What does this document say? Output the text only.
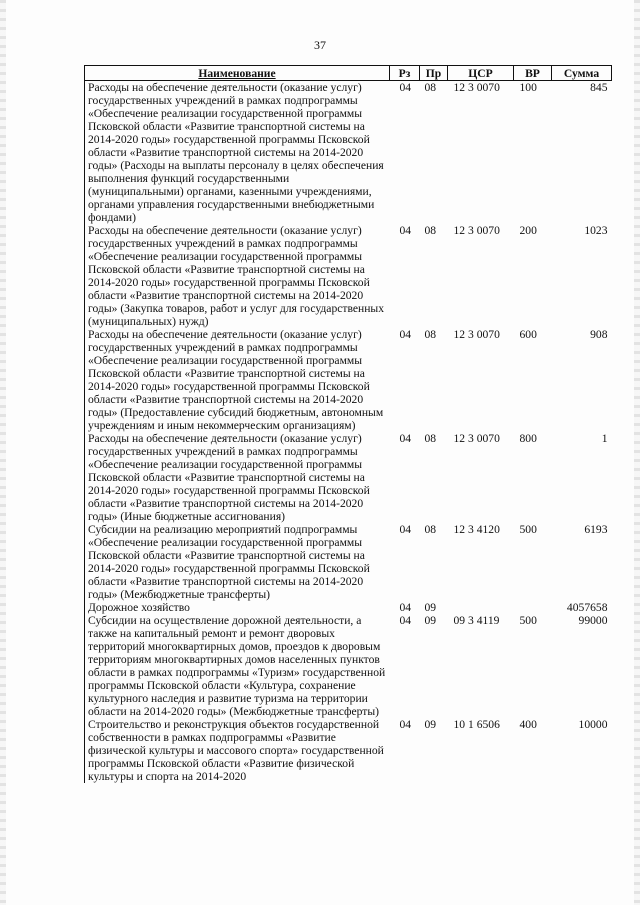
37
Наименование	Рз	Пр	ЦСР	ВР	Сумма
Расходы на обеспечение деятельности (оказание услуг) государственных учреждений в рамках подпрограммы «Обеспечение реализации государственной программы Псковской области «Развитие транспортной системы на 2014-2020 годы» государственной программы Псковской области «Развитие транспортной системы на 2014-2020 годы» (Расходы на выплаты персоналу в целях обеспечения выполнения функций государственными (муниципальными) органами, казенными учреждениями, органами управления государственными внебюджетными фондами)	04	08	12 3 0070	100	845
Расходы на обеспечение деятельности (оказание услуг) государственных учреждений в рамках подпрограммы «Обеспечение реализации государственной программы Псковской области «Развитие транспортной системы на 2014-2020 годы» государственной программы Псковской области «Развитие транспортной системы на 2014-2020 годы» (Закупка товаров, работ и услуг для государственных (муниципальных) нужд)	04	08	12 3 0070	200	1023
Расходы на обеспечение деятельности (оказание услуг) государственных учреждений в рамках подпрограммы «Обеспечение реализации государственной программы Псковской области «Развитие транспортной системы на 2014-2020 годы» государственной программы Псковской области «Развитие транспортной системы на 2014-2020 годы» (Предоставление субсидий бюджетным, автономным учреждениям и иным некоммерческим организациям)	04	08	12 3 0070	600	908
Расходы на обеспечение деятельности (оказание услуг) государственных учреждений в рамках подпрограммы «Обеспечение реализации государственной программы Псковской области «Развитие транспортной системы на 2014-2020 годы» государственной программы Псковской области «Развитие транспортной системы на 2014-2020 годы» (Иные бюджетные ассигнования)	04	08	12 3 0070	800	1
Субсидии на реализацию мероприятий подпрограммы «Обеспечение реализации государственной программы Псковской области «Развитие транспортной системы на 2014-2020 годы» государственной программы Псковской области «Развитие транспортной системы на 2014-2020 годы» (Межбюджетные трансферты)	04	08	12 3 4120	500	6193
Дорожное хозяйство	04	09			4057658
Субсидии на осуществление дорожной деятельности, а также на капитальный ремонт и ремонт дворовых территорий многоквартирных домов, проездов к дворовым территориям многоквартирных домов населенных пунктов области в рамках подпрограммы «Туризм» государственной программы Псковской области «Культура, сохранение культурного наследия и развитие туризма на территории области на 2014-2020 годы» (Межбюджетные трансферты)	04	09	09 3 4119	500	99000
Строительство и реконструкция объектов государственной собственности в рамках подпрограммы «Развитие физической культуры и массового спорта» государственной программы Псковской области «Развитие физической культуры и спорта на 2014-2020	04	09	10 1 6506	400	10000
